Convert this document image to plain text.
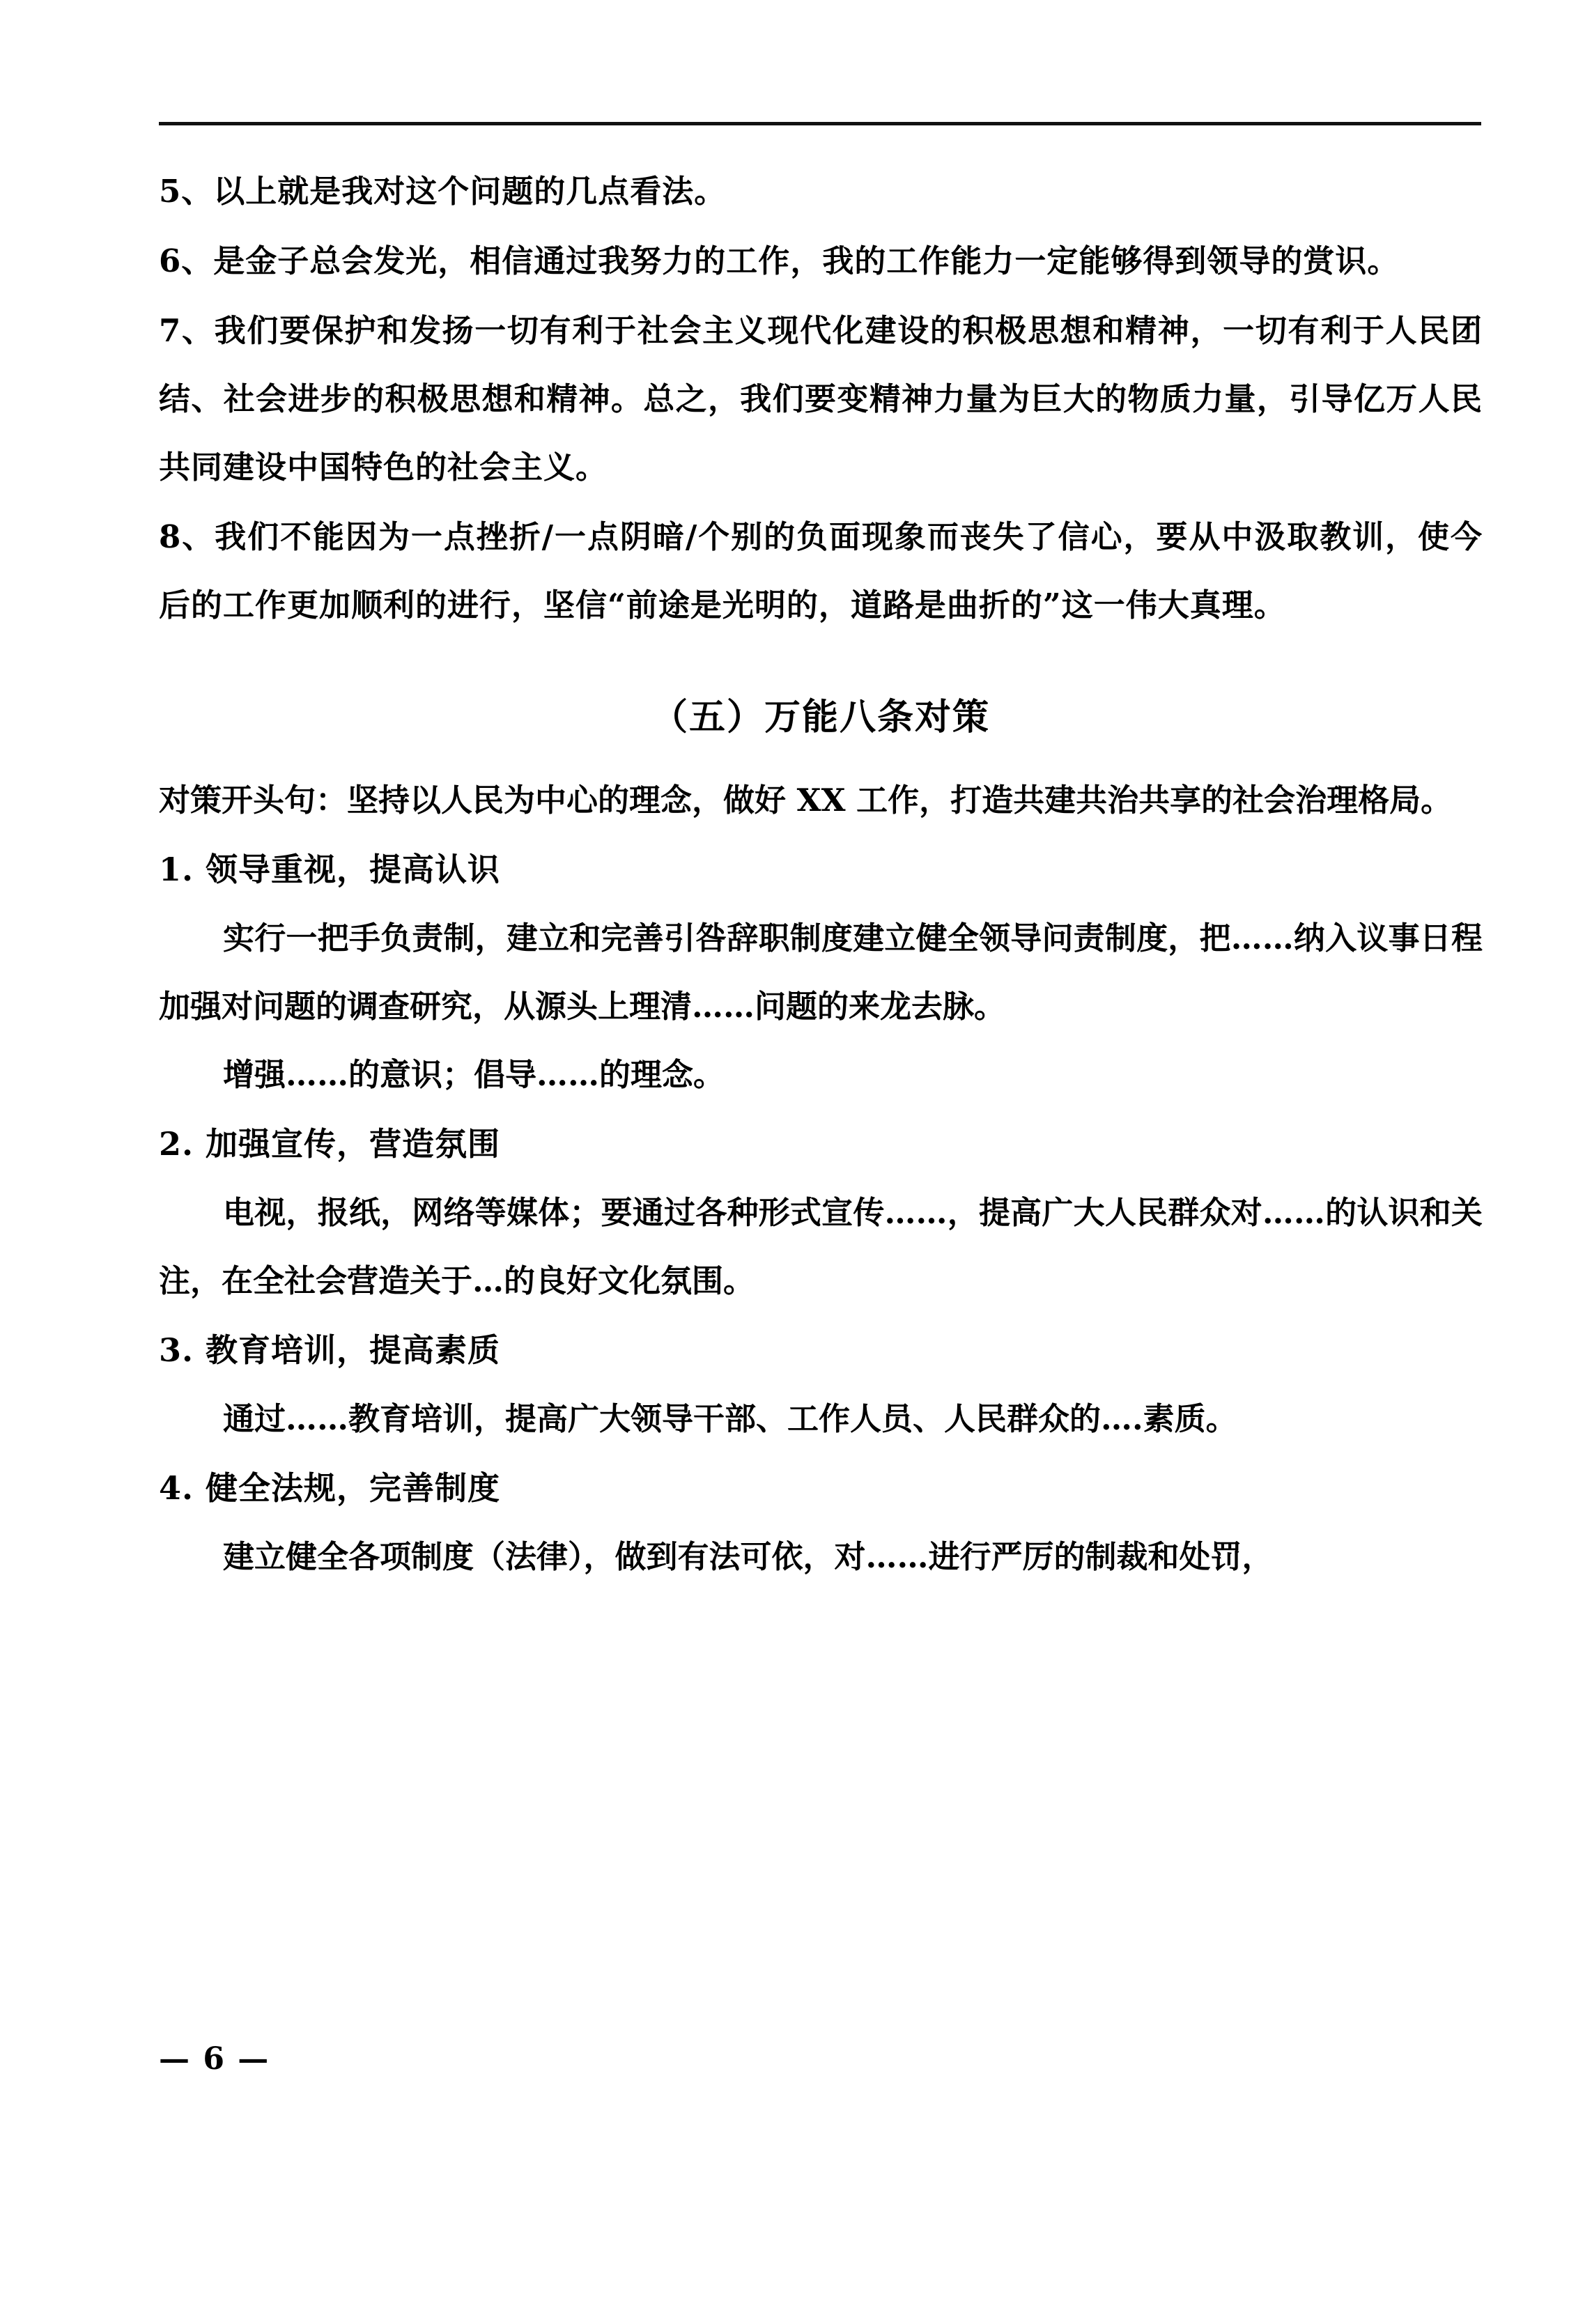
5、以上就是我对这个问题的几点看法。

6、是金子总会发光，相信通过我努力的工作，我的工作能力一定能够得到领导的赏识。

7、我们要保护和发扬一切有利于社会主义现代化建设的积极思想和精神，一切有利于人民团结、社会进步的积极思想和精神。总之，我们要变精神力量为巨大的物质力量，引导亿万人民共同建设中国特色的社会主义。

8、我们不能因为一点挫折/一点阴暗/个别的负面现象而丧失了信心，要从中汲取教训，使今后的工作更加顺利的进行，坚信“前途是光明的，道路是曲折的”这一伟大真理。

（五）万能八条对策

对策开头句：坚持以人民为中心的理念，做好 XX 工作，打造共建共治共享的社会治理格局。

1. 领导重视，提高认识

实行一把手负责制，建立和完善引咎辞职制度建立健全领导问责制度，把……纳入议事日程加强对问题的调查研究，从源头上理清……问题的来龙去脉。

增强……的意识；倡导……的理念。

2. 加强宣传，营造氛围

电视，报纸，网络等媒体；要通过各种形式宣传……，提高广大人民群众对……的认识和关注，在全社会营造关于…的良好文化氛围。

3. 教育培训，提高素质

通过……教育培训，提高广大领导干部、工作人员、人民群众的….素质。

4. 健全法规，完善制度

建立健全各项制度（法律），做到有法可依，对……进行严厉的制裁和处罚，

— 6 —
